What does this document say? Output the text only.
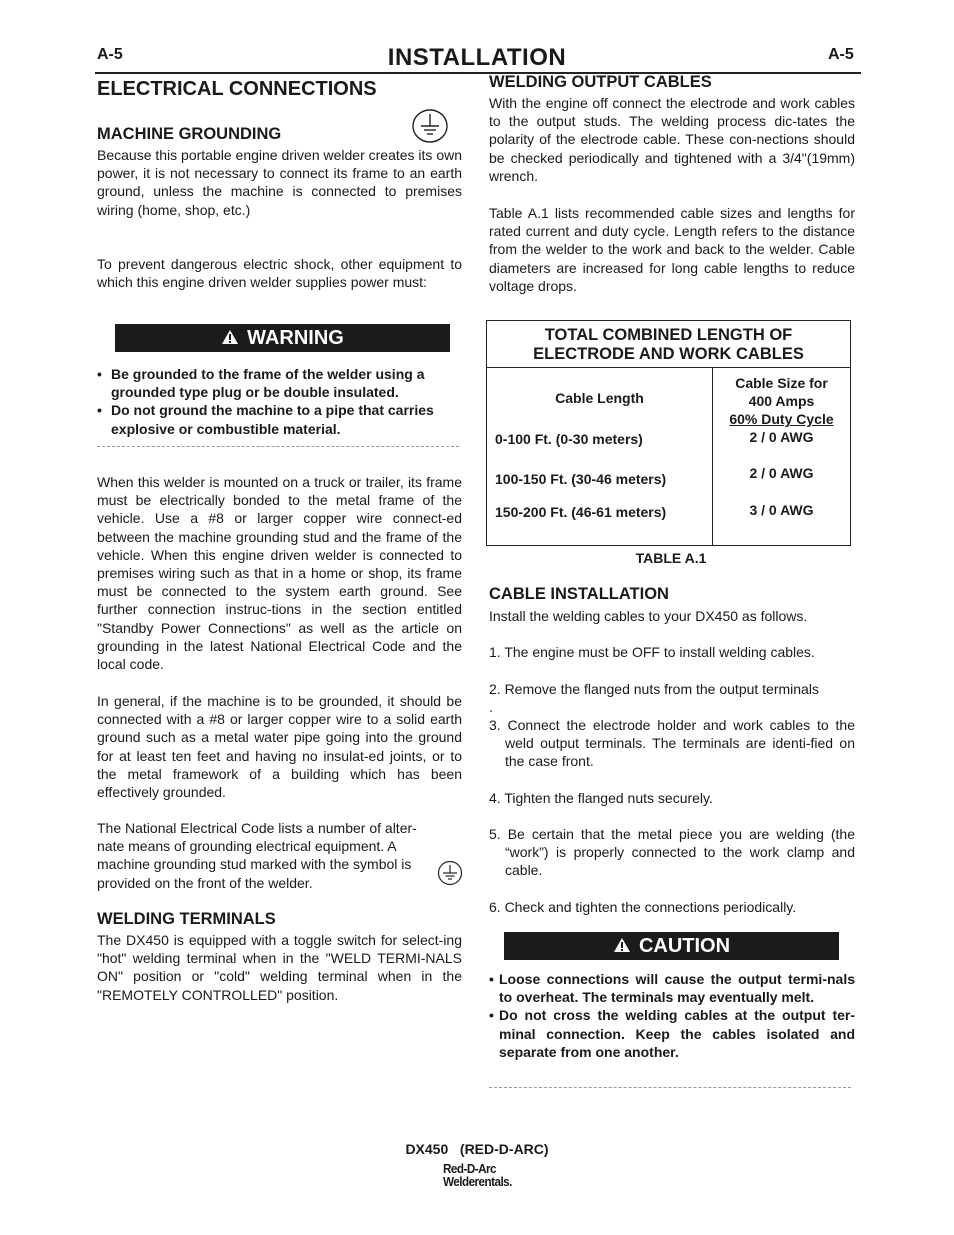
A-5	INSTALLATION	A-5
ELECTRICAL CONNECTIONS
MACHINE GROUNDING

Because this portable engine driven welder creates its own power, it is not necessary to connect its frame to an earth ground, unless the machine is connected to premises wiring (home, shop, etc.)

To prevent dangerous electric shock, other equipment to which this engine driven welder supplies power must:

WARNING
• Be grounded to the frame of the welder using a grounded type plug or be double insulated.
• Do not ground the machine to a pipe that carries explosive or combustible material.

When this welder is mounted on a truck or trailer, its frame must be electrically bonded to the metal frame of the vehicle. Use a #8 or larger copper wire connect-ed between the machine grounding stud and the frame of the vehicle. When this engine driven welder is connected to premises wiring such as that in a home or shop, its frame must be connected to the system earth ground. See further connection instruc-tions in the section entitled "Standby Power Connections" as well as the article on grounding in the latest National Electrical Code and the local code.

In general, if the machine is to be grounded, it should be connected with a #8 or larger copper wire to a solid earth ground such as a metal water pipe going into the ground for at least ten feet and having no insulat-ed joints, or to the metal framework of a building which has been effectively grounded.

The National Electrical Code lists a number of alter-nate means of grounding electrical equipment. A machine grounding stud marked with the symbol is provided on the front of the welder.

WELDING TERMINALS

The DX450 is equipped with a toggle switch for select-ing "hot" welding terminal when in the "WELD TERMI-NALS ON" position or "cold" welding terminal when in the "REMOTELY CONTROLLED" position.

WELDING OUTPUT CABLES

With the engine off connect the electrode and work cables to the output studs. The welding process dic-tates the polarity of the electrode cable. These con-nections should be checked periodically and tightened with a 3/4"(19mm) wrench.

Table A.1 lists recommended cable sizes and lengths for rated current and duty cycle. Length refers to the distance from the welder to the work and back to the welder. Cable diameters are increased for long cable lengths to reduce voltage drops.

TOTAL COMBINED LENGTH OF
ELECTRODE AND WORK CABLES
Cable Length
Cable Size for
400 Amps
60% Duty Cycle
0-100 Ft. (0-30 meters)	2 / 0 AWG
100-150 Ft. (30-46 meters)	2 / 0 AWG
150-200 Ft. (46-61 meters)	3 / 0 AWG
TABLE A.1
CABLE INSTALLATION

Install the welding cables to your DX450 as follows.

1. The engine must be OFF to install welding cables.

2. Remove the flanged nuts from the output terminals

.

3. Connect the electrode holder and work cables to the weld output terminals. The terminals are identi-fied on the case front.

4. Tighten the flanged nuts securely.

5. Be certain that the metal piece you are welding (the “work”) is properly connected to the work clamp and cable.

6. Check and tighten the connections periodically.

CAUTION
• Loose connections will cause the output termi-nals to overheat. The terminals may eventually melt.
• Do not cross the welding cables at the output ter-minal connection. Keep the cables isolated and separate from one another.
DX450   (RED-D-ARC)
Red-D-Arc
Welderentals.
